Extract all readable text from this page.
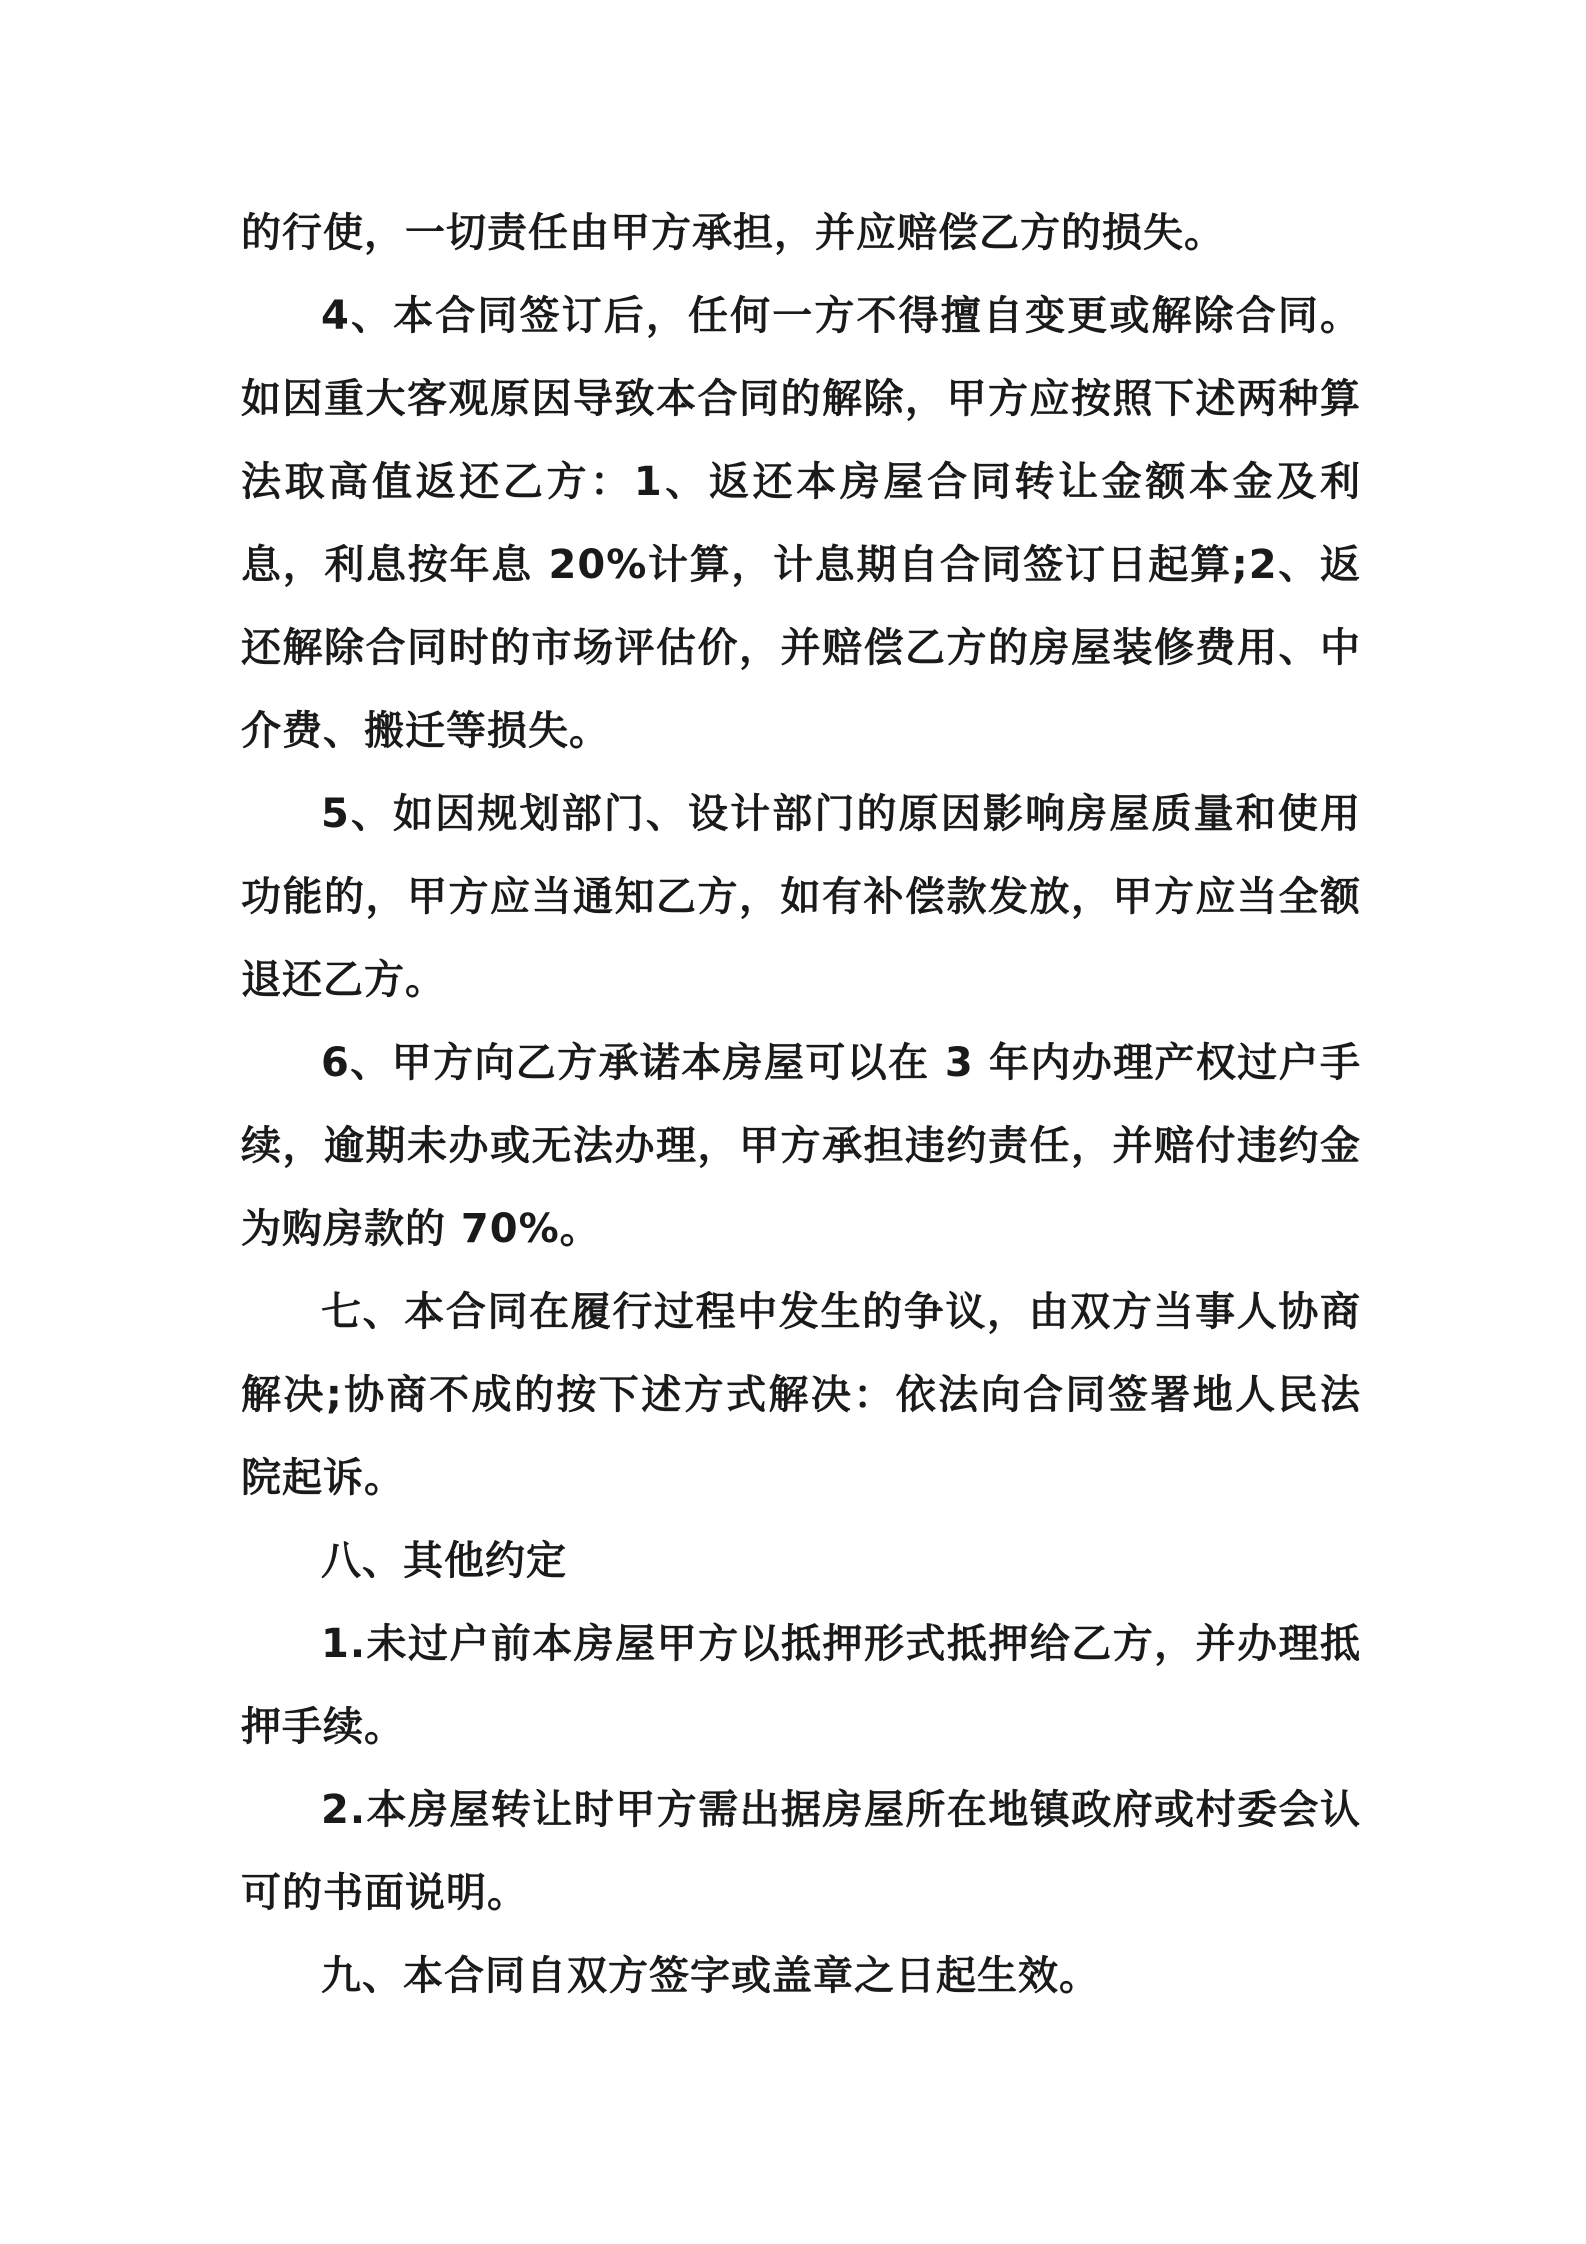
的行使，一切责任由甲方承担，并应赔偿乙方的损失。

4、本合同签订后，任何一方不得擅自变更或解除合同。如因重大客观原因导致本合同的解除，甲方应按照下述两种算法取高值返还乙方：1、返还本房屋合同转让金额本金及利息，利息按年息 20%计算，计息期自合同签订日起算;2、返还解除合同时的市场评估价，并赔偿乙方的房屋装修费用、中介费、搬迁等损失。

5、如因规划部门、设计部门的原因影响房屋质量和使用功能的，甲方应当通知乙方，如有补偿款发放，甲方应当全额退还乙方。

6、甲方向乙方承诺本房屋可以在 3 年内办理产权过户手续，逾期未办或无法办理，甲方承担违约责任，并赔付违约金为购房款的 70%。

七、本合同在履行过程中发生的争议，由双方当事人协商解决;协商不成的按下述方式解决：依法向合同签署地人民法院起诉。

八、其他约定

1.未过户前本房屋甲方以抵押形式抵押给乙方，并办理抵押手续。

2.本房屋转让时甲方需出据房屋所在地镇政府或村委会认可的书面说明。

九、本合同自双方签字或盖章之日起生效。
